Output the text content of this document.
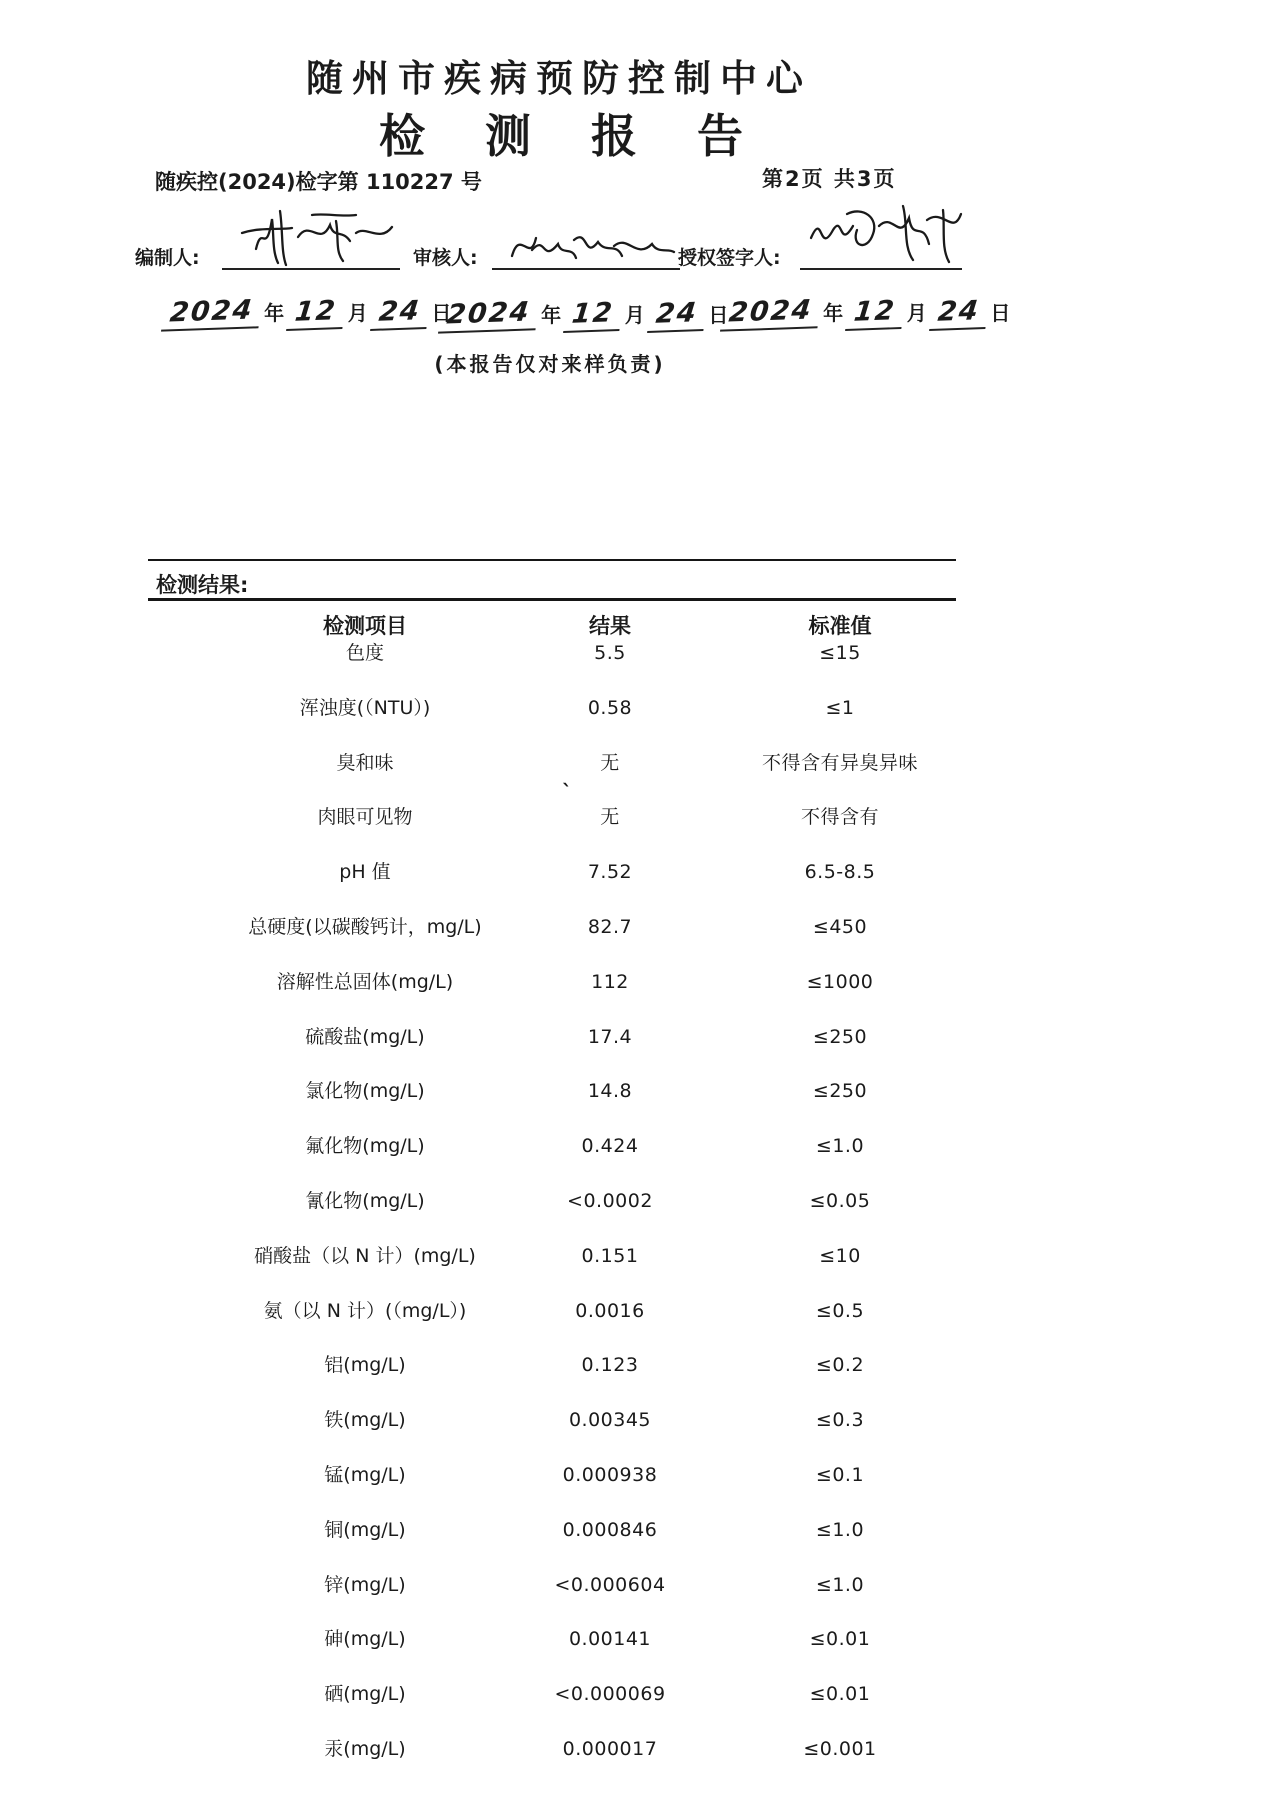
随州市疾病预防控制中心
检 测 报 告
随疾控(2024)检字第 110227 号	第2页 共3页
编制人:	审核人:	授权签字人:
2024 年 12 月 24 日
2024 年 12 月 24 日 2024 年 12 月 24 日
(本报告仅对来样负责)
检测结果:
检测项目	结果	标准值
色度	5.5	≤15
浑浊度(（NTU）)	0.58	≤1
臭和味	无	不得含有异臭异味
肉眼可见物	无	不得含有
pH 值	7.52	6.5-8.5
总硬度(以碳酸钙计，mg/L)	82.7	≤450
溶解性总固体(mg/L)	112	≤1000
硫酸盐(mg/L)	17.4	≤250
氯化物(mg/L)	14.8	≤250
氟化物(mg/L)	0.424	≤1.0
氰化物(mg/L)	<0.0002	≤0.05
硝酸盐（以 N 计）(mg/L)	0.151	≤10
氨（以 N 计）(（mg/L）)	0.0016	≤0.5
铝(mg/L)	0.123	≤0.2
铁(mg/L)	0.00345	≤0.3
锰(mg/L)	0.000938	≤0.1
铜(mg/L)	0.000846	≤1.0
锌(mg/L)	<0.000604	≤1.0
砷(mg/L)	0.00141	≤0.01
硒(mg/L)	<0.000069	≤0.01
汞(mg/L)	0.000017	≤0.001
`
